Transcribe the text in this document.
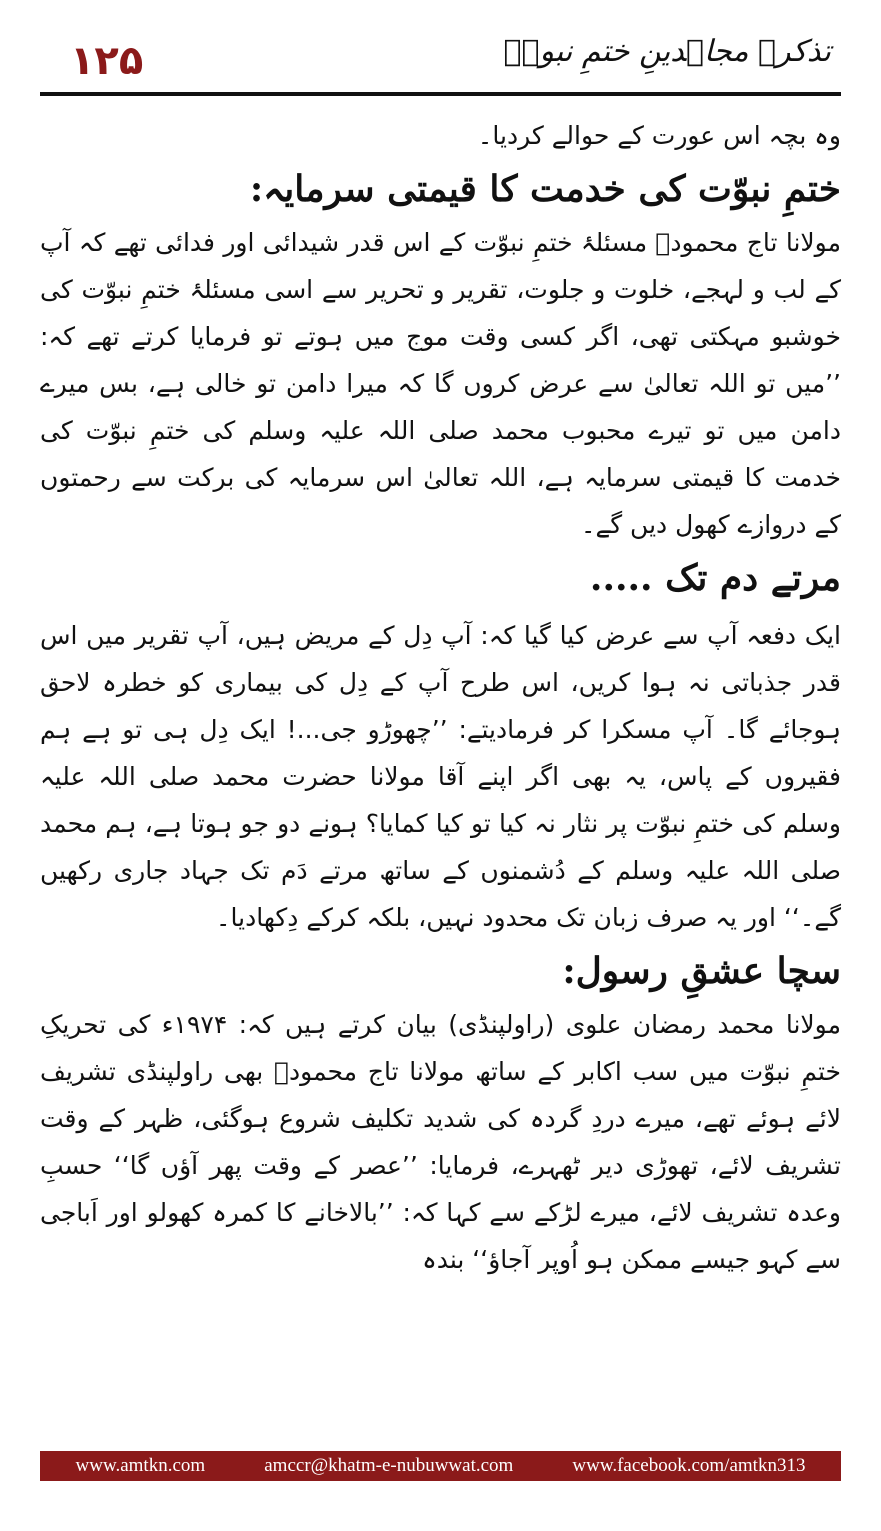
۱۲۵	تذکرہ مجاہدینِ ختمِ نبوتؐ

وہ بچہ اس عورت کے حوالے کردیا۔

ختمِ نبوّت کی خدمت کا قیمتی سرمایہ:

مولانا تاج محمودؒ مسئلۂ ختمِ نبوّت کے اس قدر شیدائی اور فدائی تھے کہ آپ کے لب و لہجے، خلوت و جلوت، تقریر و تحریر سے اسی مسئلۂ ختمِ نبوّت کی خوشبو مہکتی تھی، اگر کسی وقت موج میں ہوتے تو فرمایا کرتے تھے کہ: ’’میں تو اللہ تعالیٰ سے عرض کروں گا کہ میرا دامن تو خالی ہے، بس میرے دامن میں تو تیرے محبوب محمد صلی اللہ علیہ وسلم کی ختمِ نبوّت کی خدمت کا قیمتی سرمایہ ہے، اللہ تعالیٰ اس سرمایہ کی برکت سے رحمتوں کے دروازے کھول دیں گے۔

مرتے دم تک .....

ایک دفعہ آپ سے عرض کیا گیا کہ: آپ دِل کے مریض ہیں، آپ تقریر میں اس قدر جذباتی نہ ہوا کریں، اس طرح آپ کے دِل کی بیماری کو خطرہ لاحق ہوجائے گا۔ آپ مسکرا کر فرمادیتے: ’’چھوڑو جی...! ایک دِل ہی تو ہے ہم فقیروں کے پاس، یہ بھی اگر اپنے آقا مولانا حضرت محمد صلی اللہ علیہ وسلم کی ختمِ نبوّت پر نثار نہ کیا تو کیا کمایا؟ ہونے دو جو ہوتا ہے، ہم محمد صلی اللہ علیہ وسلم کے دُشمنوں کے ساتھ مرتے دَم تک جہاد جاری رکھیں گے۔‘‘ اور یہ صرف زبان تک محدود نہیں، بلکہ کرکے دِکھادیا۔

سچا عشقِ رسول:

مولانا محمد رمضان علوی (راولپنڈی) بیان کرتے ہیں کہ: ۱۹۷۴ء کی تحریکِ ختمِ نبوّت میں سب اکابر کے ساتھ مولانا تاج محمودؒ بھی راولپنڈی تشریف لائے ہوئے تھے، میرے دردِ گردہ کی شدید تکلیف شروع ہوگئی، ظہر کے وقت تشریف لائے، تھوڑی دیر ٹھہرے، فرمایا: ’’عصر کے وقت پھر آؤں گا‘‘ حسبِ وعدہ تشریف لائے، میرے لڑکے سے کہا کہ: ’’بالاخانے کا کمرہ کھولو اور اَباجی سے کہو جیسے ممکن ہو اُوپر آجاؤ‘‘ بندہ

www.amtkn.com	amccr@khatm-e-nubuwwat.com	www.facebook.com/amtkn313
